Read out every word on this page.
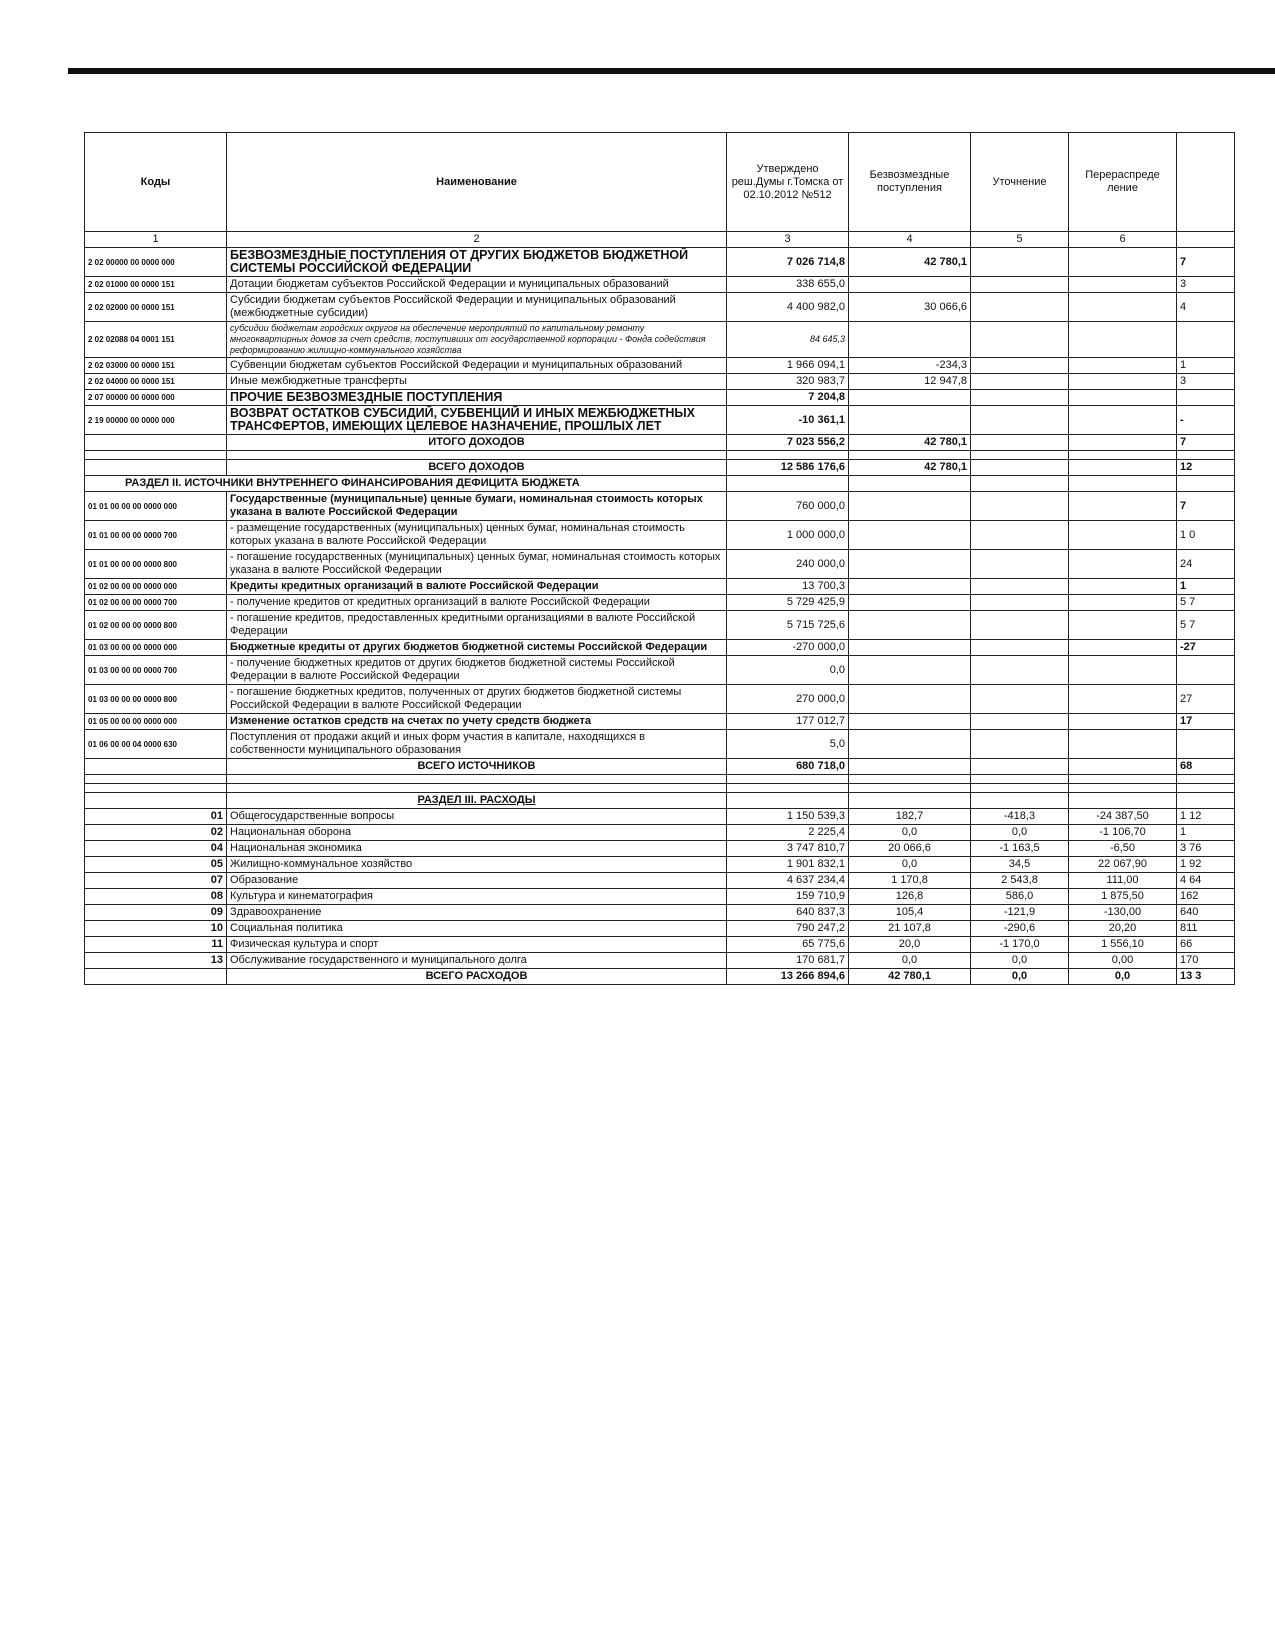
Коды	Наименование	Утверждено реш.Думы г.Томска от 02.10.2012 №512	Безвозмездные поступления	Уточнение	Перераспреде ление	
1	2	3	4	5	6	
2 02 00000 00 0000 000	БЕЗВОЗМЕЗДНЫЕ ПОСТУПЛЕНИЯ ОТ ДРУГИХ БЮДЖЕТОВ БЮДЖЕТНОЙ СИСТЕМЫ РОССИЙСКОЙ ФЕДЕРАЦИИ	7 026 714,8	42 780,1			7
2 02 01000 00 0000 151	Дотации бюджетам субъектов Российской Федерации и муниципальных образований	338 655,0				3
2 02 02000 00 0000 151	Субсидии бюджетам субъектов Российской Федерации и муниципальных образований (межбюджетные субсидии)	4 400 982,0	30 066,6			4
2 02 02088 04 0001 151	субсидии бюджетам городских округов на обеспечение мероприятий по капитальному ремонту многоквартирных домов за счет средств, поступивших от государственной корпорации - Фонда содействия реформированию жилищно-коммунального хозяйства	84 645,3				
2 02 03000 00 0000 151	Субвенции бюджетам субъектов Российской Федерации и муниципальных образований	1 966 094,1	-234,3			1
2 02 04000 00 0000 151	Иные межбюджетные трансферты	320 983,7	12 947,8			3
2 07 00000 00 0000 000	ПРОЧИЕ БЕЗВОЗМЕЗДНЫЕ ПОСТУПЛЕНИЯ	7 204,8				
2 19 00000 00 0000 000	ВОЗВРАТ ОСТАТКОВ СУБСИДИЙ, СУБВЕНЦИЙ И ИНЫХ МЕЖБЮДЖЕТНЫХ ТРАНСФЕРТОВ, ИМЕЮЩИХ ЦЕЛЕВОЕ НАЗНАЧЕНИЕ, ПРОШЛЫХ ЛЕТ	-10 361,1				-
	ИТОГО ДОХОДОВ	7 023 556,2	42 780,1			7

	ВСЕГО ДОХОДОВ	12 586 176,6	42 780,1			12
РАЗДЕЛ II. ИСТОЧНИКИ ВНУТРЕННЕГО ФИНАНСИРОВАНИЯ ДЕФИЦИТА БЮДЖЕТА						
01 01 00 00 00 0000 000	Государственные (муниципальные) ценные бумаги, номинальная стоимость которых указана в валюте Российской Федерации	760 000,0				7
01 01 00 00 00 0000 700	- размещение государственных (муниципальных) ценных бумаг, номинальная стоимость которых указана в валюте Российской Федерации	1 000 000,0				1 0
01 01 00 00 00 0000 800	- погашение государственных (муниципальных) ценных бумаг, номинальная стоимость которых указана в валюте Российской Федерации	240 000,0				24
01 02 00 00 00 0000 000	Кредиты кредитных организаций в валюте Российской Федерации	13 700,3				1
01 02 00 00 00 0000 700	- получение кредитов от кредитных организаций в валюте Российской Федерации	5 729 425,9				5 7
01 02 00 00 00 0000 800	- погашение кредитов, предоставленных кредитными организациями в валюте Российской Федерации	5 715 725,6				5 7
01 03 00 00 00 0000 000	Бюджетные кредиты от других бюджетов бюджетной системы Российской Федерации	-270 000,0				-27
01 03 00 00 00 0000 700	- получение бюджетных кредитов от других бюджетов бюджетной системы Российской Федерации в валюте Российской Федерации	0,0				
01 03 00 00 00 0000 800	- погашение бюджетных кредитов, полученных от других бюджетов бюджетной системы Российской Федерации в валюте Российской Федерации	270 000,0				27
01 05 00 00 00 0000 000	Изменение остатков средств на счетах по учету средств бюджета	177 012,7				17
01 06 00 00 04 0000 630	Поступления от продажи акций и иных форм участия в капитале, находящихся в собственности муниципального образования	5,0				
	ВСЕГО ИСТОЧНИКОВ	680 718,0				68

	РАЗДЕЛ III. РАСХОДЫ					
01	Общегосударственные вопросы	1 150 539,3	182,7	-418,3	-24 387,50	1 12
02	Национальная оборона	2 225,4	0,0	0,0	-1 106,70	1
04	Национальная экономика	3 747 810,7	20 066,6	-1 163,5	-6,50	3 76
05	Жилищно-коммунальное хозяйство	1 901 832,1	0,0	34,5	22 067,90	1 92
07	Образование	4 637 234,4	1 170,8	2 543,8	111,00	4 64
08	Культура и кинематография	159 710,9	126,8	586,0	1 875,50	162
09	Здравоохранение	640 837,3	105,4	-121,9	-130,00	640
10	Социальная политика	790 247,2	21 107,8	-290,6	20,20	811
11	Физическая культура и спорт	65 775,6	20,0	-1 170,0	1 556,10	66
13	Обслуживание государственного и муниципального долга	170 681,7	0,0	0,0	0,00	170
	ВСЕГО РАСХОДОВ	13 266 894,6	42 780,1	0,0	0,0	13 3
